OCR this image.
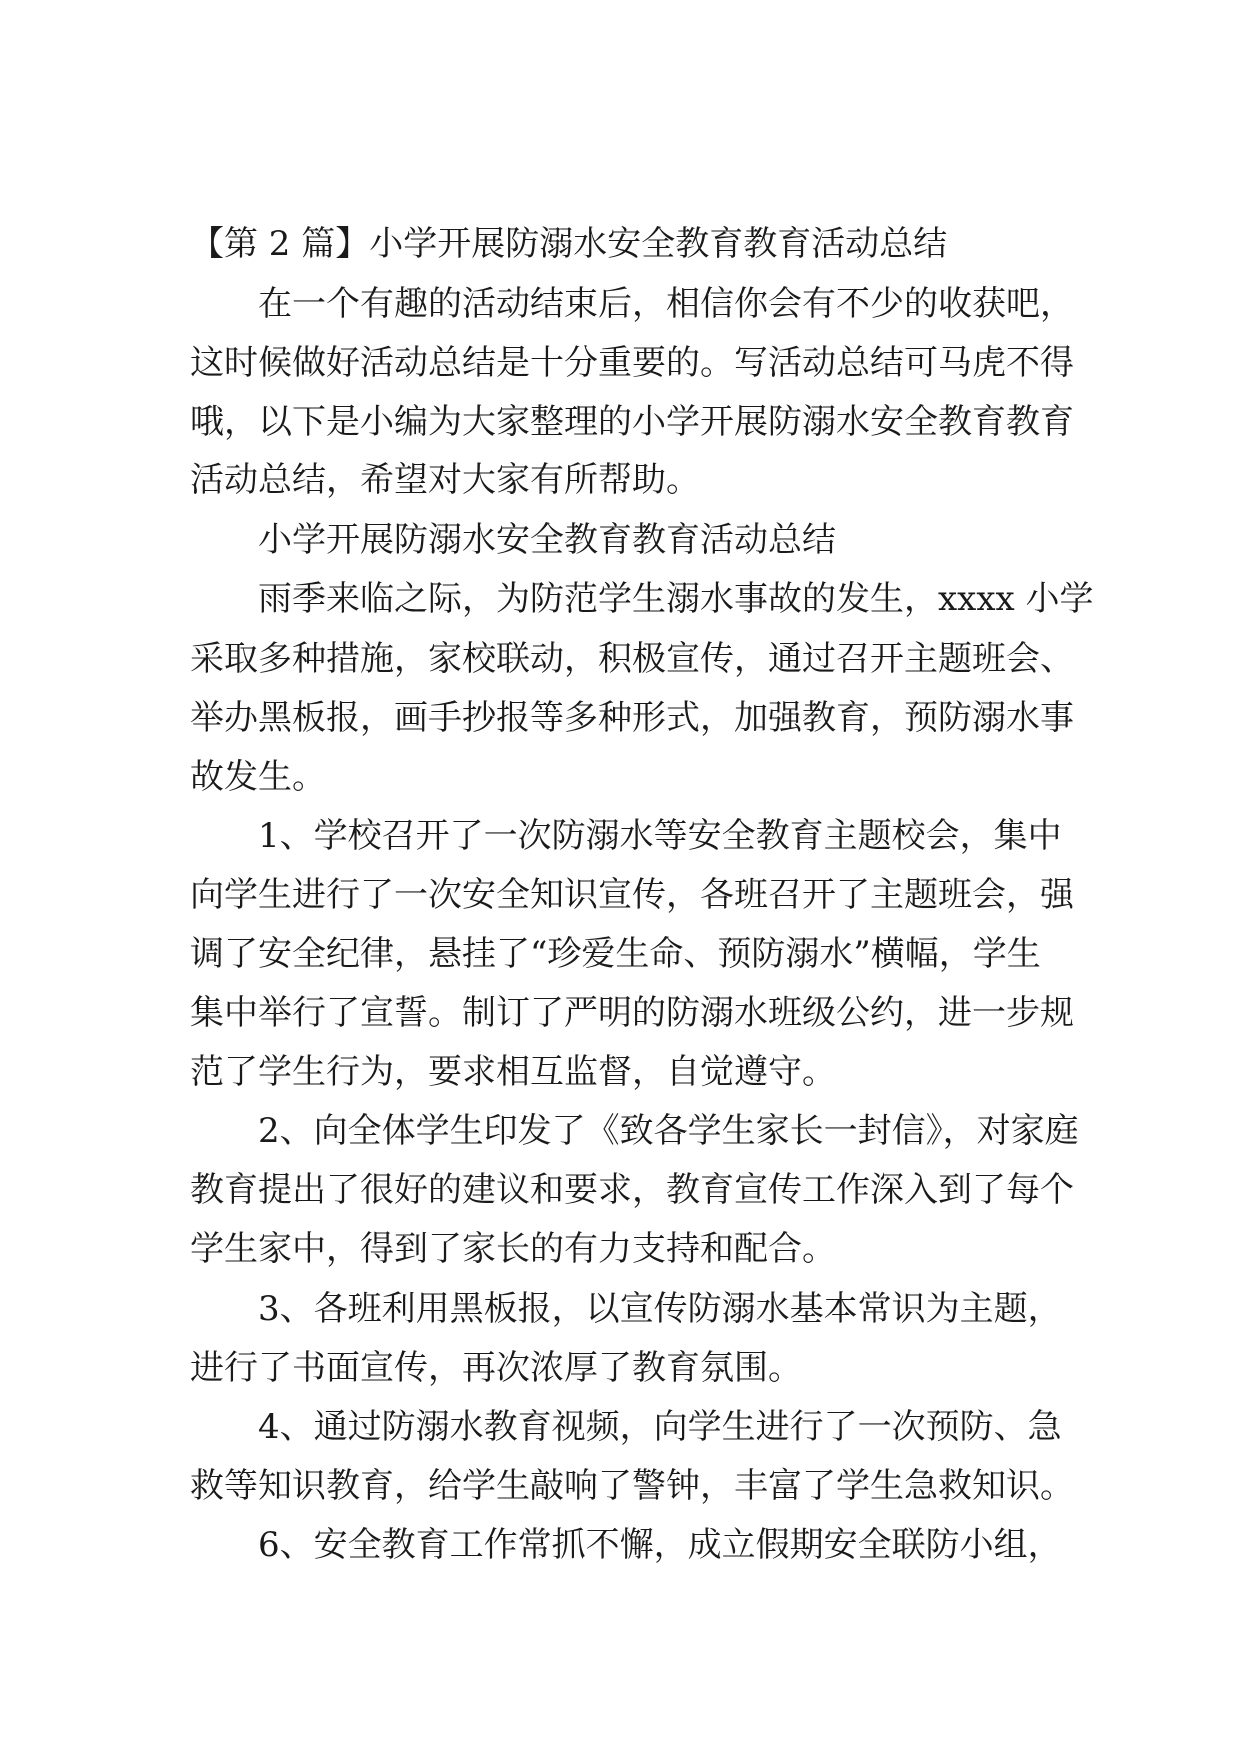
【第 2 篇】小学开展防溺水安全教育教育活动总结
在一个有趣的活动结束后，相信你会有不少的收获吧，
这时候做好活动总结是十分重要的。写活动总结可马虎不得
哦，以下是小编为大家整理的小学开展防溺水安全教育教育
活动总结，希望对大家有所帮助。
小学开展防溺水安全教育教育活动总结
雨季来临之际，为防范学生溺水事故的发生，xxxx 小学
采取多种措施，家校联动，积极宣传，通过召开主题班会、
举办黑板报，画手抄报等多种形式，加强教育，预防溺水事
故发生。
1、学校召开了一次防溺水等安全教育主题校会，集中
向学生进行了一次安全知识宣传，各班召开了主题班会，强
调了安全纪律，悬挂了“珍爱生命、预防溺水”横幅，学生
集中举行了宣誓。制订了严明的防溺水班级公约，进一步规
范了学生行为，要求相互监督，自觉遵守。
2、向全体学生印发了《致各学生家长一封信》，对家庭
教育提出了很好的建议和要求，教育宣传工作深入到了每个
学生家中，得到了家长的有力支持和配合。
3、各班利用黑板报，以宣传防溺水基本常识为主题，
进行了书面宣传，再次浓厚了教育氛围。
4、通过防溺水教育视频，向学生进行了一次预防、急
救等知识教育，给学生敲响了警钟，丰富了学生急救知识。
6、安全教育工作常抓不懈，成立假期安全联防小组，
